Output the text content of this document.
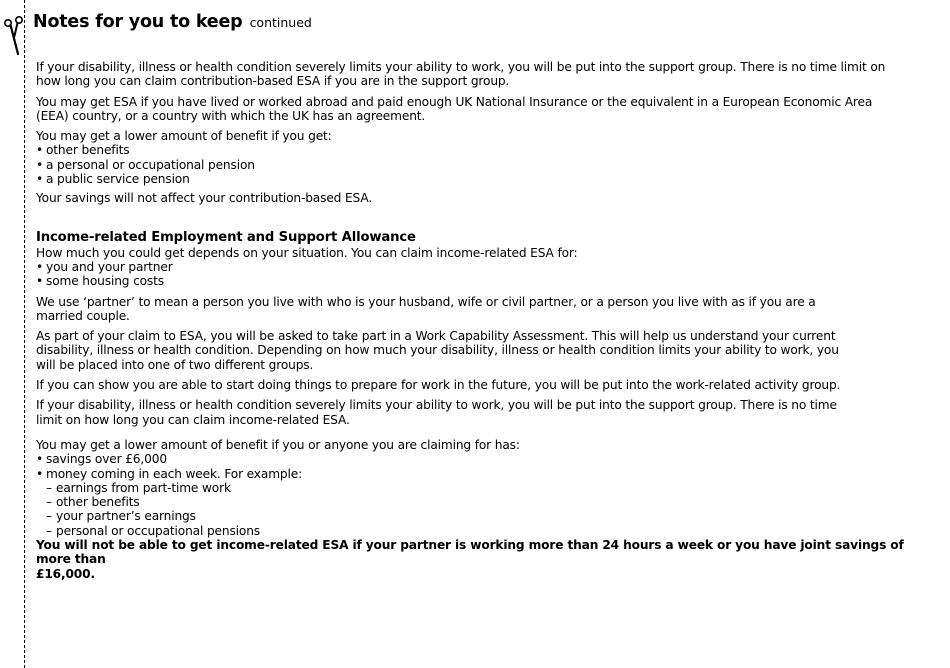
Notes for you to keep continued

If your disability, illness or health condition severely limits your ability to work, you will be put into the support group. There is no time limit on
how long you can claim contribution-based ESA if you are in the support group.

You may get ESA if you have lived or worked abroad and paid enough UK National Insurance or the equivalent in a European Economic Area
(EEA) country, or a country with which the UK has an agreement.

You may get a lower amount of benefit if you get:

• other benefits
• a personal or occupational pension
• a public service pension

Your savings will not affect your contribution-based ESA.

Income-related Employment and Support Allowance

How much you could get depends on your situation. You can claim income-related ESA for:

• you and your partner
• some housing costs

We use ‘partner’ to mean a person you live with who is your husband, wife or civil partner, or a person you live with as if you are a
married couple.

As part of your claim to ESA, you will be asked to take part in a Work Capability Assessment. This will help us understand your current
disability, illness or health condition. Depending on how much your disability, illness or health condition limits your ability to work, you
will be placed into one of two different groups.

If you can show you are able to start doing things to prepare for work in the future, you will be put into the work-related activity group.

If your disability, illness or health condition severely limits your ability to work, you will be put into the support group. There is no time
limit on how long you can claim income-related ESA.

You may get a lower amount of benefit if you or anyone you are claiming for has:

• savings over £6,000
• money coming in each week. For example:
– earnings from part-time work
– other benefits
– your partner’s earnings
– personal or occupational pensions

You will not be able to get income-related ESA if your partner is working more than 24 hours a week or you have joint savings of more than
£16,000.
